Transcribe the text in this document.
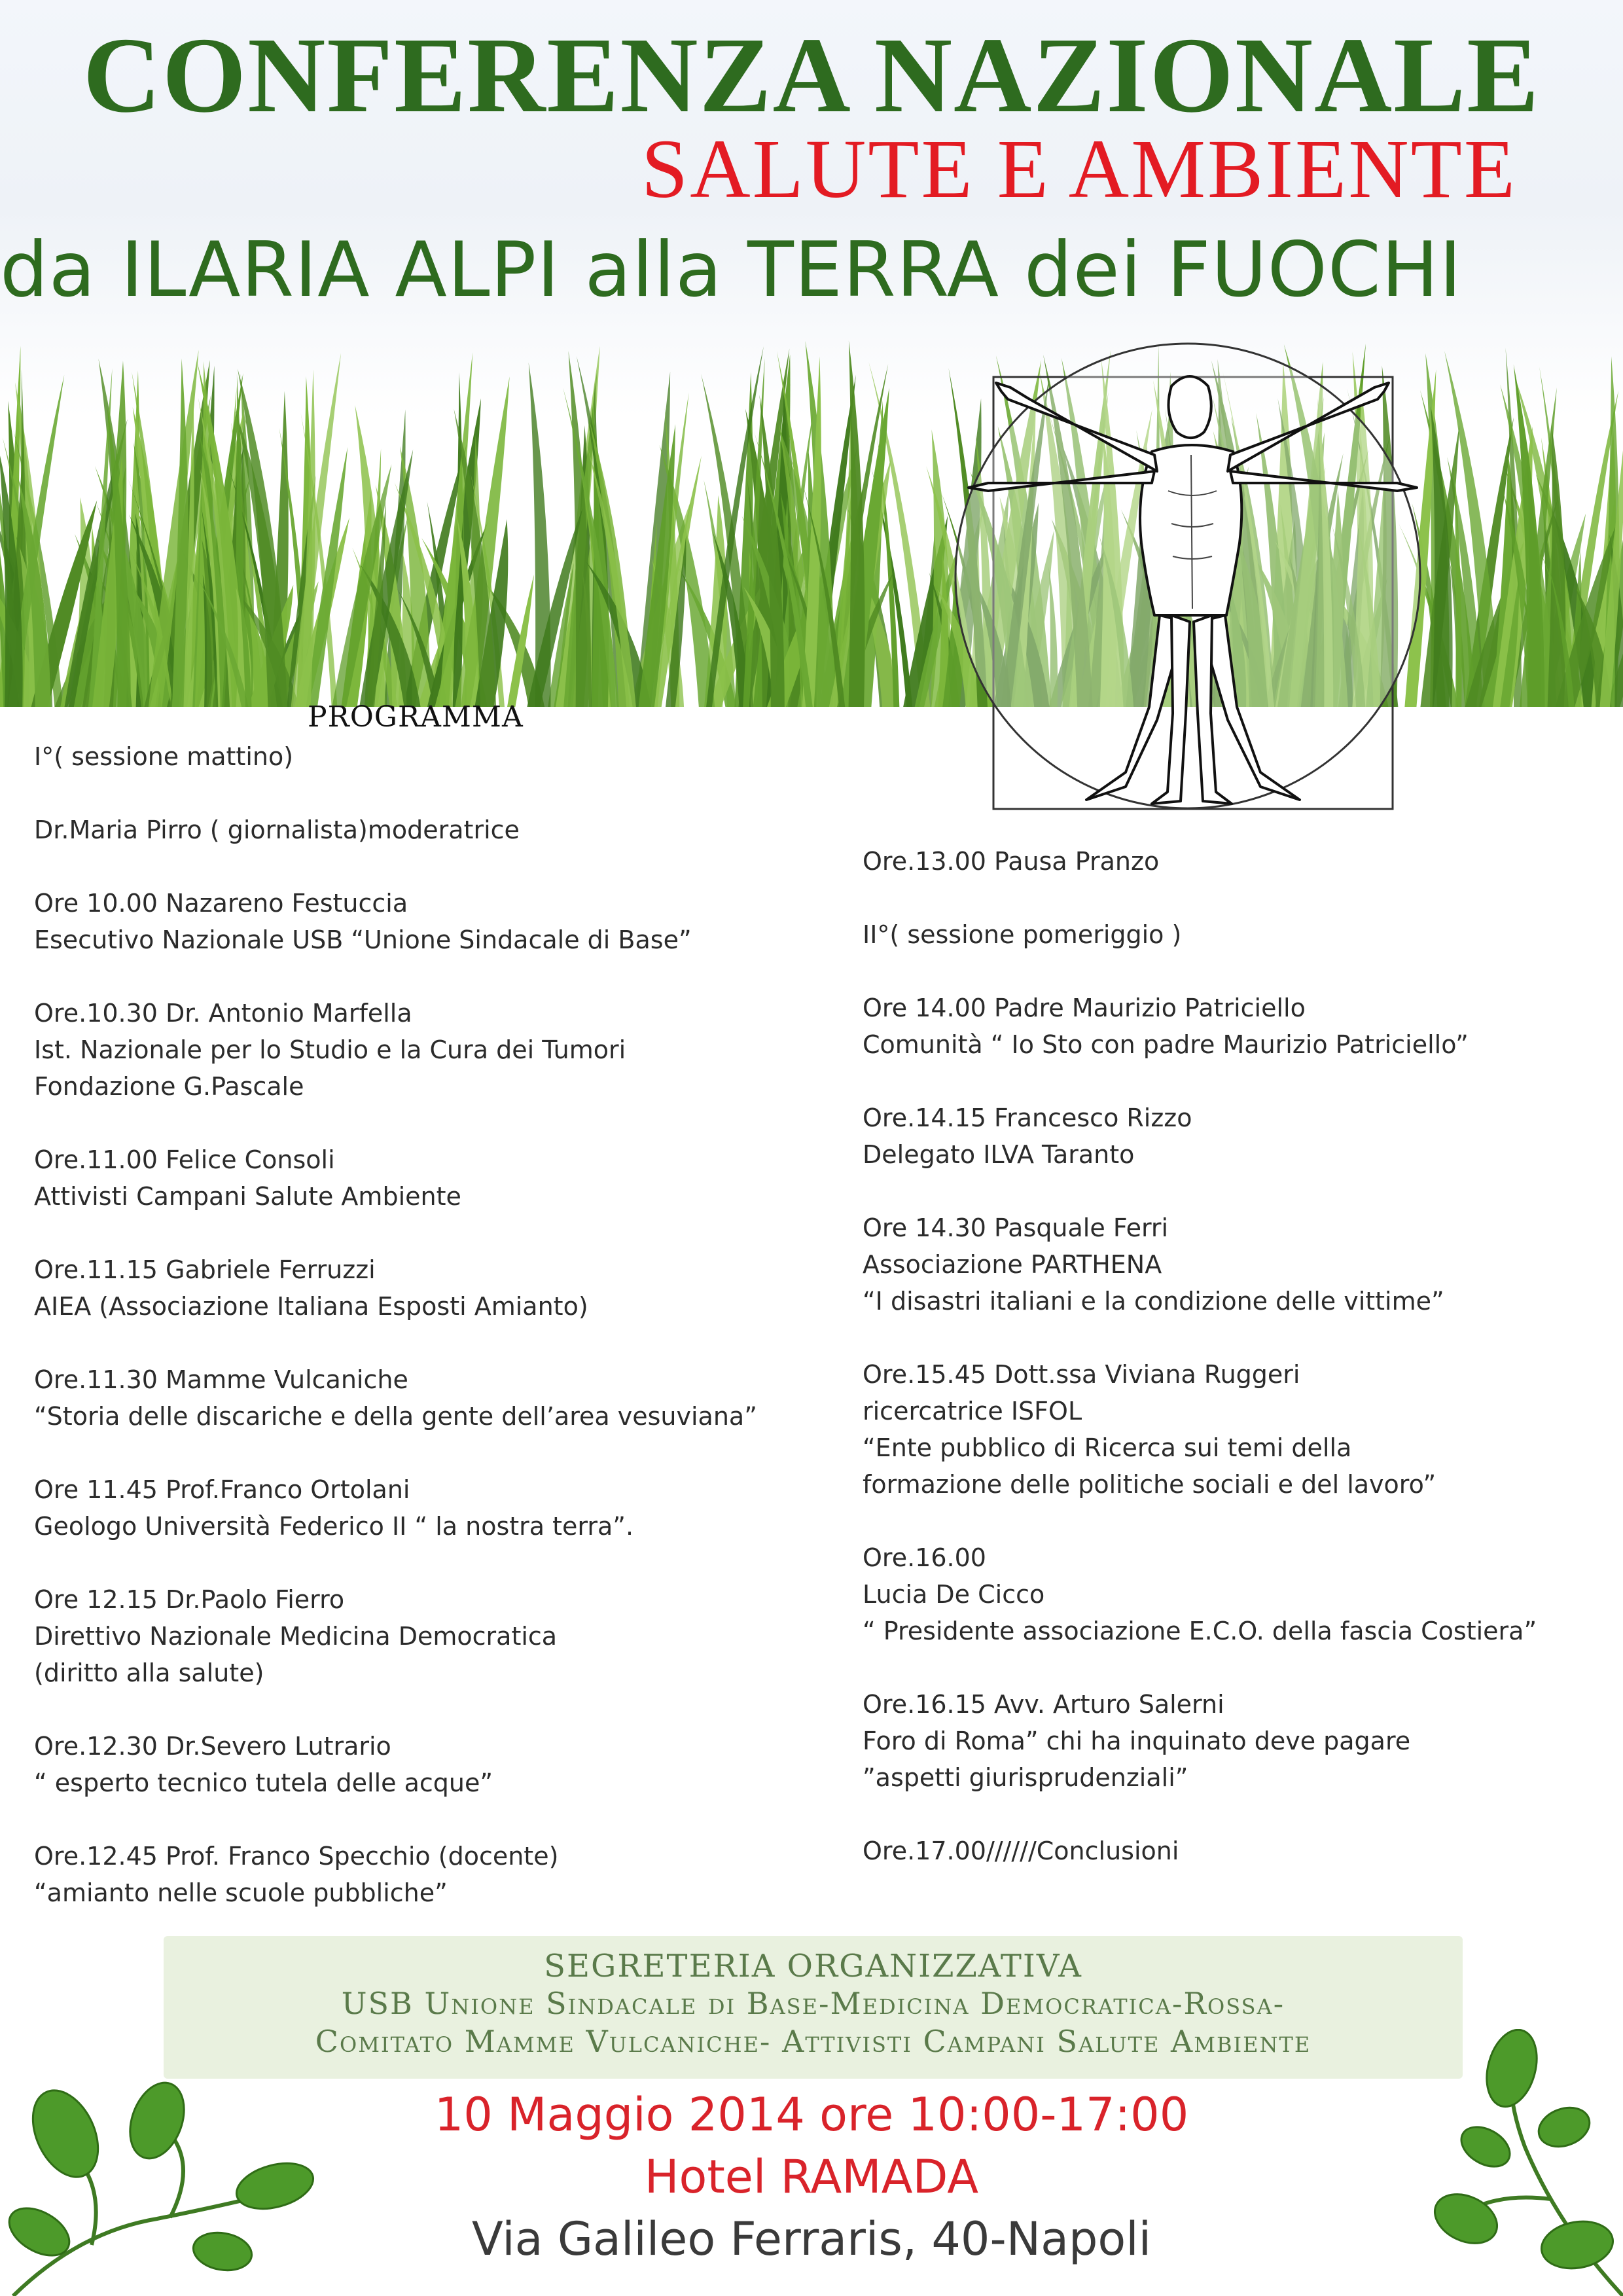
CONFERENZA NAZIONALE
SALUTE E AMBIENTE
da ILARIA ALPI alla TERRA dei FUOCHI
PROGRAMMA

I°( sessione mattino)

Dr.Maria Pirro ( giornalista)moderatrice

Ore 10.00 Nazareno Festuccia

Esecutivo Nazionale USB “Unione Sindacale di Base”

Ore.10.30 Dr. Antonio Marfella

Ist. Nazionale per lo Studio e la Cura dei Tumori

Fondazione G.Pascale

Ore.11.00 Felice Consoli

Attivisti Campani Salute Ambiente

Ore.11.15 Gabriele Ferruzzi

AIEA (Associazione Italiana Esposti Amianto)

Ore.11.30 Mamme Vulcaniche

“Storia delle discariche e della gente dell’area vesuviana”

Ore 11.45 Prof.Franco Ortolani

Geologo Università Federico II “ la nostra terra”.

Ore 12.15 Dr.Paolo Fierro

Direttivo Nazionale Medicina Democratica

(diritto alla salute)

Ore.12.30 Dr.Severo Lutrario

“ esperto tecnico tutela delle acque”

Ore.12.45 Prof. Franco Specchio (docente)

“amianto nelle scuole pubbliche”

Ore.13.00 Pausa Pranzo

II°( sessione pomeriggio )

Ore 14.00 Padre Maurizio Patriciello

Comunità “ Io Sto con padre Maurizio Patriciello”

Ore.14.15 Francesco Rizzo

Delegato ILVA Taranto

Ore 14.30 Pasquale Ferri

Associazione PARTHENA

“I disastri italiani e la condizione delle vittime”

Ore.15.45 Dott.ssa Viviana Ruggeri

ricercatrice ISFOL

“Ente pubblico di Ricerca sui temi della

formazione delle politiche sociali e del lavoro”

Ore.16.00

Lucia De Cicco

“ Presidente associazione E.C.O. della fascia Costiera”

Ore.16.15 Avv. Arturo Salerni

Foro di Roma” chi ha inquinato deve pagare

”aspetti giurisprudenziali”

Ore.17.00//////Conclusioni

SEGRETERIA ORGANIZZATIVA
USB Unione Sindacale di Base-Medicina Democratica-Rossa-
Comitato Mamme Vulcaniche- Attivisti Campani Salute Ambiente
10 Maggio 2014 ore 10:00-17:00
Hotel RAMADA
Via Galileo Ferraris, 40-Napoli
